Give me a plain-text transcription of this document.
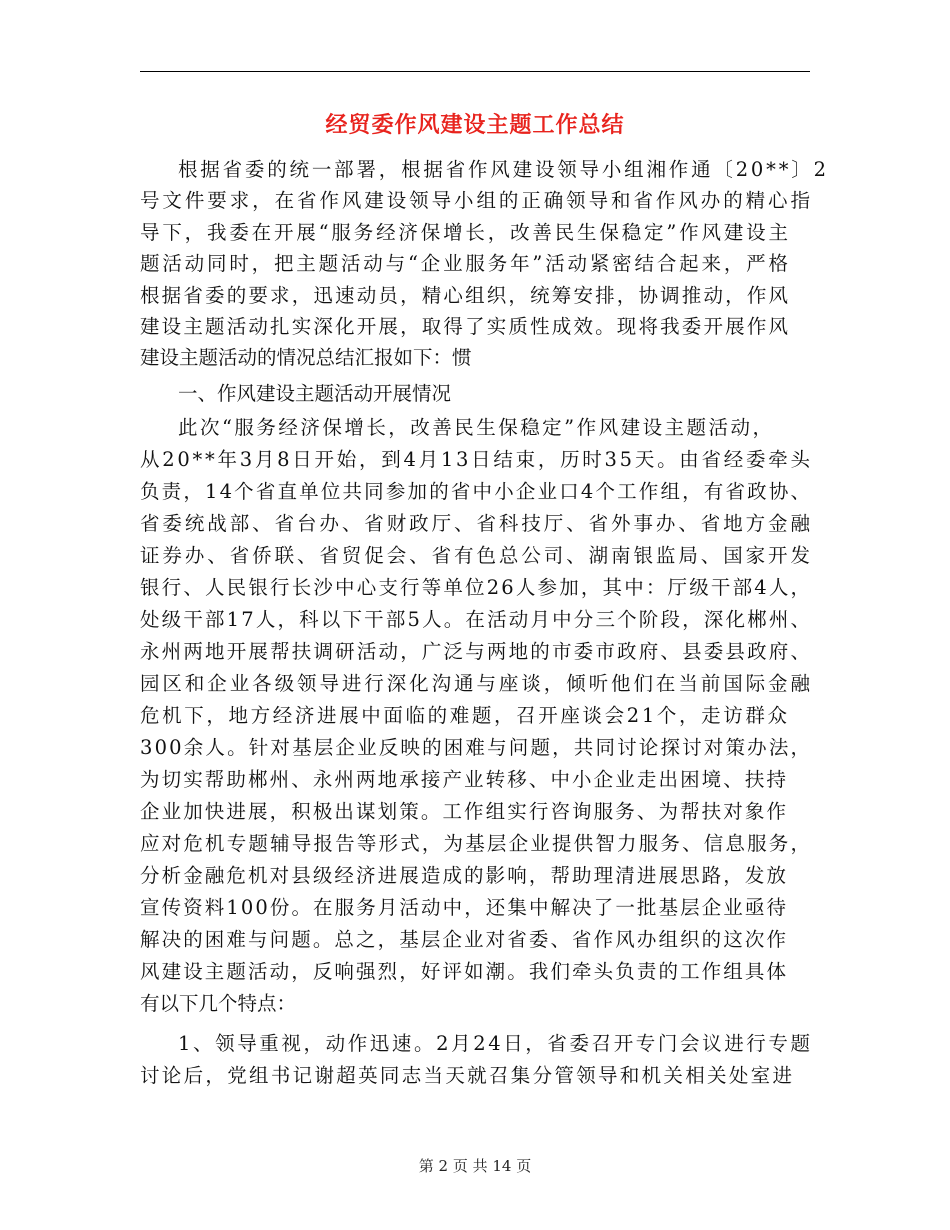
经贸委作风建设主题工作总结
根据省委的统一部署，根据省作风建设领导小组湘作通〔20**〕2
号文件要求，在省作风建设领导小组的正确领导和省作风办的精心指
导下，我委在开展“服务经济保增长，改善民生保稳定”作风建设主
题活动同时，把主题活动与“企业服务年”活动紧密结合起来，严格
根据省委的要求，迅速动员，精心组织，统筹安排，协调推动，作风
建设主题活动扎实深化开展，取得了实质性成效。现将我委开展作风
建设主题活动的情况总结汇报如下：惯
一、作风建设主题活动开展情况
此次“服务经济保增长，改善民生保稳定”作风建设主题活动，
从20**年3月8日开始，到4月13日结束，历时35天。由省经委牵头
负责，14个省直单位共同参加的省中小企业口4个工作组，有省政协、
省委统战部、省台办、省财政厅、省科技厅、省外事办、省地方金融
证券办、省侨联、省贸促会、省有色总公司、湖南银监局、国家开发
银行、人民银行长沙中心支行等单位26人参加，其中：厅级干部4人，
处级干部17人，科以下干部5人。在活动月中分三个阶段，深化郴州、
永州两地开展帮扶调研活动，广泛与两地的市委市政府、县委县政府、
园区和企业各级领导进行深化沟通与座谈，倾听他们在当前国际金融
危机下，地方经济进展中面临的难题，召开座谈会21个，走访群众
300余人。针对基层企业反映的困难与问题，共同讨论探讨对策办法，
为切实帮助郴州、永州两地承接产业转移、中小企业走出困境、扶持
企业加快进展，积极出谋划策。工作组实行咨询服务、为帮扶对象作
应对危机专题辅导报告等形式，为基层企业提供智力服务、信息服务，
分析金融危机对县级经济进展造成的影响，帮助理清进展思路，发放
宣传资料100份。在服务月活动中，还集中解决了一批基层企业亟待
解决的困难与问题。总之，基层企业对省委、省作风办组织的这次作
风建设主题活动，反响强烈，好评如潮。我们牵头负责的工作组具体
有以下几个特点：
1、领导重视，动作迅速。2月24日，省委召开专门会议进行专题
讨论后，党组书记谢超英同志当天就召集分管领导和机关相关处室进
第 2 页 共 14 页
